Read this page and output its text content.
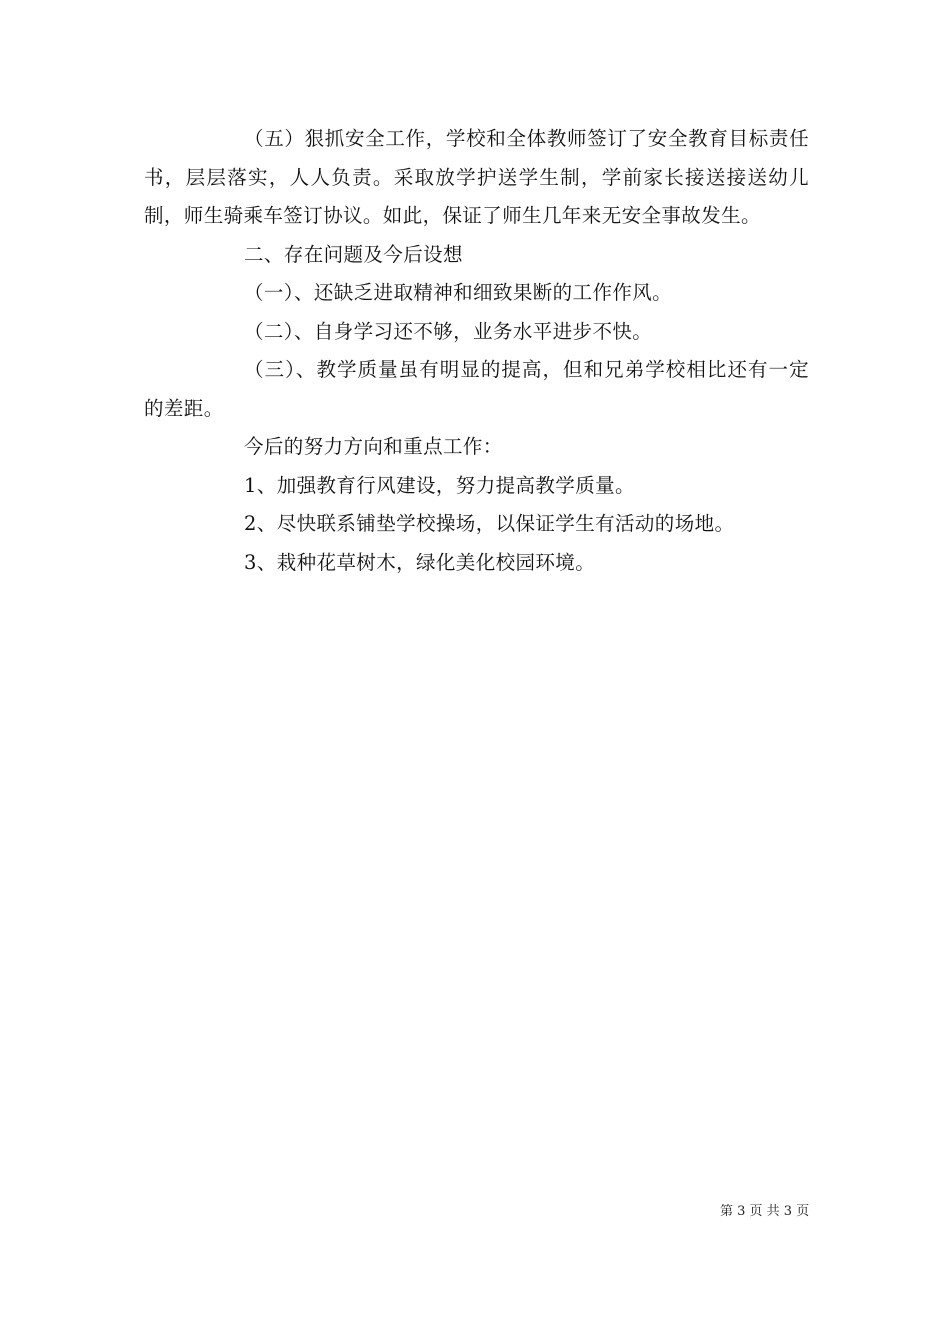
（五）狠抓安全工作，学校和全体教师签订了安全教育目标责任书，层层落实，人人负责。采取放学护送学生制，学前家长接送接送幼儿制，师生骑乘车签订协议。如此，保证了师生几年来无安全事故发生。

二、存在问题及今后设想

（一）、还缺乏进取精神和细致果断的工作作风。

（二）、自身学习还不够，业务水平进步不快。

（三）、教学质量虽有明显的提高，但和兄弟学校相比还有一定的差距。

今后的努力方向和重点工作：

1、加强教育行风建设，努力提高教学质量。

2、尽快联系铺垫学校操场，以保证学生有活动的场地。

3、栽种花草树木，绿化美化校园环境。

第 3 页 共 3 页
